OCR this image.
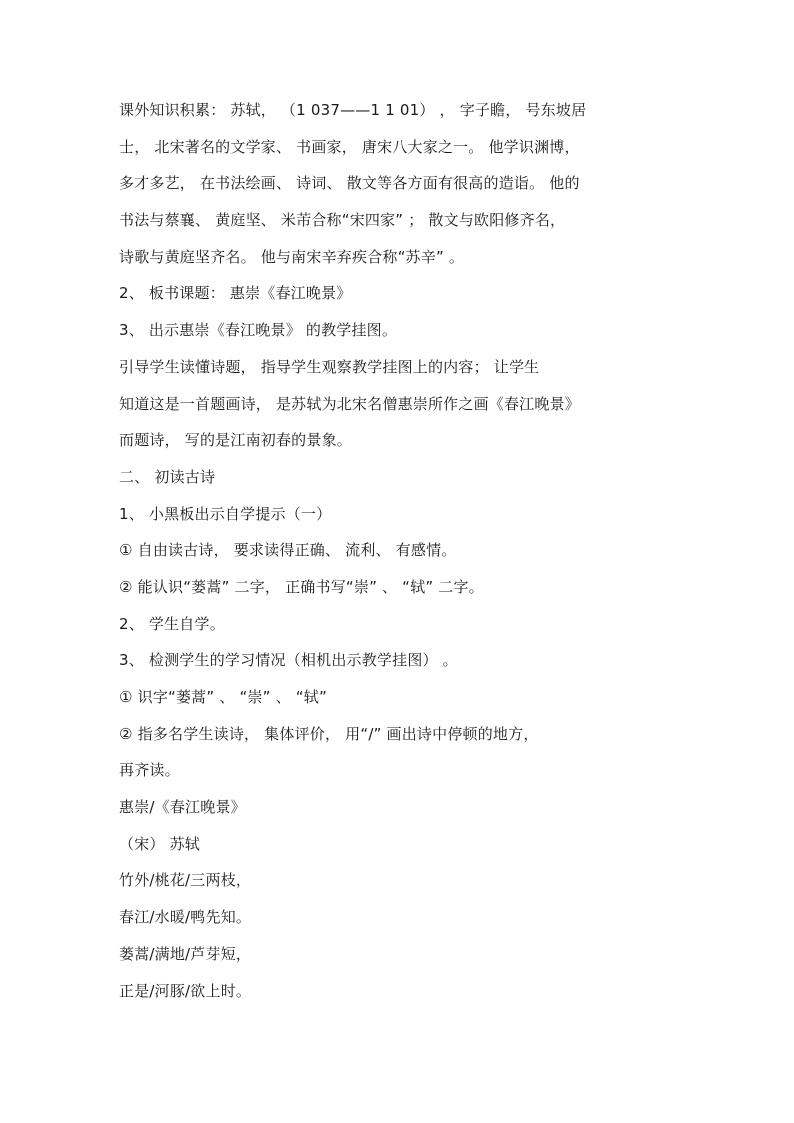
课外知识积累： 苏轼， （1 037——1 1 01） ， 字子瞻， 号东坡居
士， 北宋著名的文学家、 书画家， 唐宋八大家之一。 他学识渊博，
多才多艺， 在书法绘画、 诗词、 散文等各方面有很高的造诣。 他的
书法与蔡襄、 黄庭坚、 米芾合称“宋四家” ； 散文与欧阳修齐名，
诗歌与黄庭坚齐名。 他与南宋辛弃疾合称“苏辛” 。
2、 板书课题： 惠崇《春江晚景》
3、 出示惠崇《春江晚景》 的教学挂图。
引导学生读懂诗题， 指导学生观察教学挂图上的内容； 让学生
知道这是一首题画诗， 是苏轼为北宋名僧惠崇所作之画《春江晚景》
而题诗， 写的是江南初春的景象。
二、 初读古诗
1、 小黑板出示自学提示（一）
① 自由读古诗， 要求读得正确、 流利、 有感情。
② 能认识“蒌蒿” 二字， 正确书写“崇” 、 “轼” 二字。
2、 学生自学。
3、 检测学生的学习情况（相机出示教学挂图） 。
① 识字“蒌蒿” 、 “崇” 、 “轼”
② 指多名学生读诗， 集体评价， 用“/” 画出诗中停顿的地方，
再齐读。
惠崇/《春江晚景》
（宋） 苏轼
竹外/桃花/三两枝，
春江/水暖/鸭先知。
蒌蒿/满地/芦芽短，
正是/河豚/欲上时。
